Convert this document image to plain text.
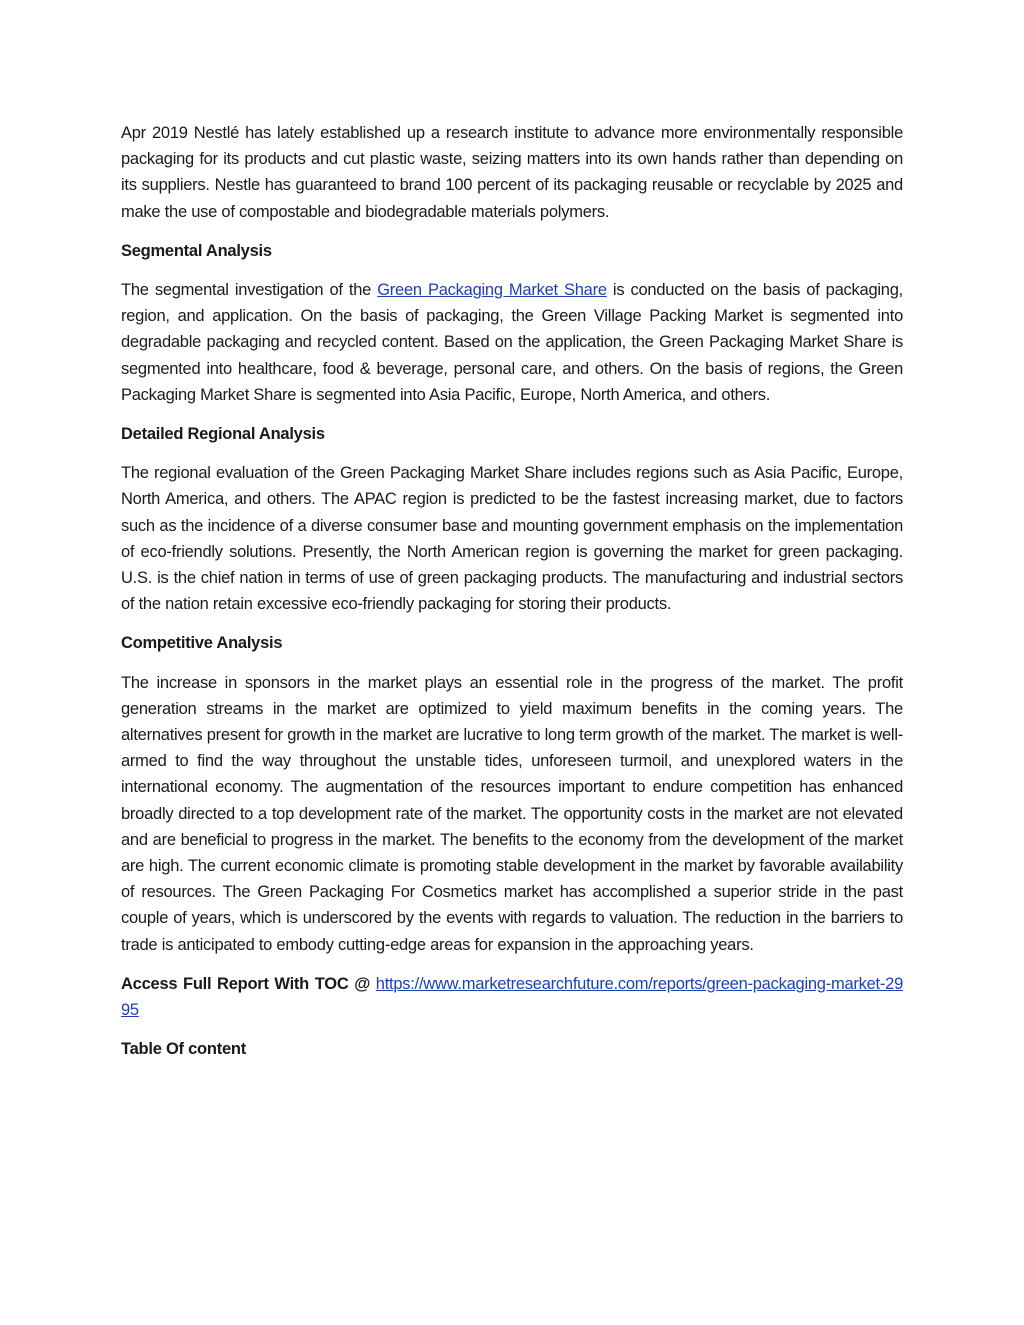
Apr 2019 Nestlé has lately established up a research institute to advance more environmentally responsible packaging for its products and cut plastic waste, seizing matters into its own hands rather than depending on its suppliers. Nestle has guaranteed to brand 100 percent of its packaging reusable or recyclable by 2025 and make the use of compostable and biodegradable materials polymers.

Segmental Analysis

The segmental investigation of the Green Packaging Market Share is conducted on the basis of packaging, region, and application. On the basis of packaging, the Green Village Packing Market is segmented into degradable packaging and recycled content. Based on the application, the Green Packaging Market Share is segmented into healthcare, food & beverage, personal care, and others. On the basis of regions, the Green Packaging Market Share is segmented into Asia Pacific, Europe, North America, and others.

Detailed Regional Analysis

The regional evaluation of the Green Packaging Market Share includes regions such as Asia Pacific, Europe, North America, and others. The APAC region is predicted to be the fastest increasing market, due to factors such as the incidence of a diverse consumer base and mounting government emphasis on the implementation of eco-friendly solutions. Presently, the North American region is governing the market for green packaging. U.S. is the chief nation in terms of use of green packaging products. The manufacturing and industrial sectors of the nation retain excessive eco-friendly packaging for storing their products.

Competitive Analysis

The increase in sponsors in the market plays an essential role in the progress of the market. The profit generation streams in the market are optimized to yield maximum benefits in the coming years. The alternatives present for growth in the market are lucrative to long term growth of the market. The market is well-armed to find the way throughout the unstable tides, unforeseen turmoil, and unexplored waters in the international economy. The augmentation of the resources important to endure competition has enhanced broadly directed to a top development rate of the market. The opportunity costs in the market are not elevated and are beneficial to progress in the market. The benefits to the economy from the development of the market are high. The current economic climate is promoting stable development in the market by favorable availability of resources. The Green Packaging For Cosmetics market has accomplished a superior stride in the past couple of years, which is underscored by the events with regards to valuation. The reduction in the barriers to trade is anticipated to embody cutting-edge areas for expansion in the approaching years.

Access Full Report With TOC @ https://www.marketresearchfuture.com/reports/green-packaging-market-2995

Table Of content
